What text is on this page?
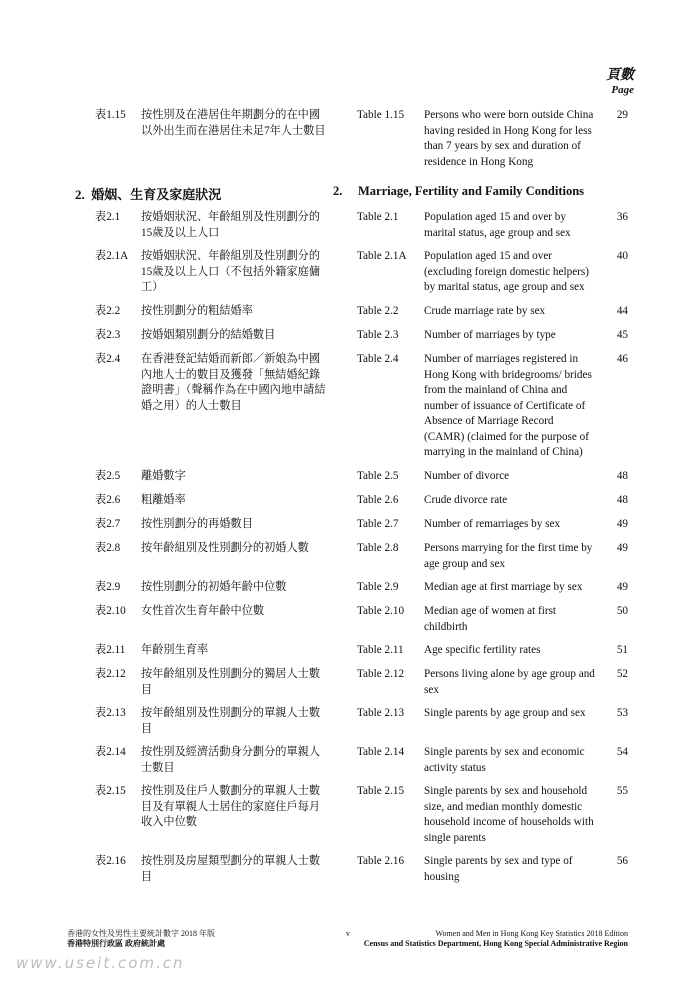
頁數
Page
表1.15 按性別及在港居住年期劃分的在中國以外出生而在港居住未足7年人士數目
Table 1.15 Persons who were born outside China having resided in Hong Kong for less than 7 years by sex and duration of residence in Hong Kong
29
2.  婚姻、生育及家庭狀況	2.     Marriage, Fertility and Family Conditions
表2.1 按婚姻狀況、年齡組別及性別劃分的15歲及以上人口
Table 2.1 Population aged 15 and over by marital status, age group and sex
36
表2.1A 按婚姻狀況、年齡組別及性別劃分的15歲及以上人口（不包括外籍家庭傭工）
Table 2.1A Population aged 15 and over (excluding foreign domestic helpers) by marital status, age group and sex
40
表2.2 按性別劃分的粗結婚率	Table 2.2 Crude marriage rate by sex	44
表2.3 按婚姻類別劃分的結婚數目	Table 2.3 Number of marriages by type	45
表2.4 在香港登記結婚而新郎／新娘為中國內地人士的數目及獲發「無結婚紀錄證明書」（聲稱作為在中國內地申請結婚之用）的人士數目
Table 2.4 Number of marriages registered in Hong Kong with bridegrooms/ brides from the mainland of China and number of issuance of Certificate of Absence of Marriage Record (CAMR) (claimed for the purpose of marrying in the mainland of China)
46
表2.5 離婚數字	Table 2.5 Number of divorce	48
表2.6 粗離婚率	Table 2.6 Crude divorce rate	48
表2.7 按性別劃分的再婚數目	Table 2.7 Number of remarriages by sex	49
表2.8 按年齡組別及性別劃分的初婚人數	Table 2.8 Persons marrying for the first time by age group and sex
49
表2.9 按性別劃分的初婚年齡中位數	Table 2.9 Median age at first marriage by sex	49
表2.10 女性首次生育年齡中位數	Table 2.10 Median age of women at first childbirth
50
表2.11 年齡別生育率	Table 2.11 Age specific fertility rates	51
表2.12 按年齡組別及性別劃分的獨居人士數目
Table 2.12 Persons living alone by age group and sex
52
表2.13 按年齡組別及性別劃分的單親人士數目
Table 2.13 Single parents by age group and sex	53
表2.14 按性別及經濟活動身分劃分的單親人士數目
Table 2.14 Single parents by sex and economic activity status
54
表2.15 按性別及住戶人數劃分的單親人士數目及有單親人士居住的家庭住戶每月收入中位數
Table 2.15 Single parents by sex and household size, and median monthly domestic household income of households with single parents
55
表2.16 按性別及房屋類型劃分的單親人士數目
Table 2.16 Single parents by sex and type of housing
56
香港的女性及男性主要統計數字 2018 年版
香港特別行政區 政府統計處
v	Women and Men in Hong Kong Key Statistics 2018 Edition
Census and Statistics Department, Hong Kong Special Administrative Region
www.useit.com.cn
